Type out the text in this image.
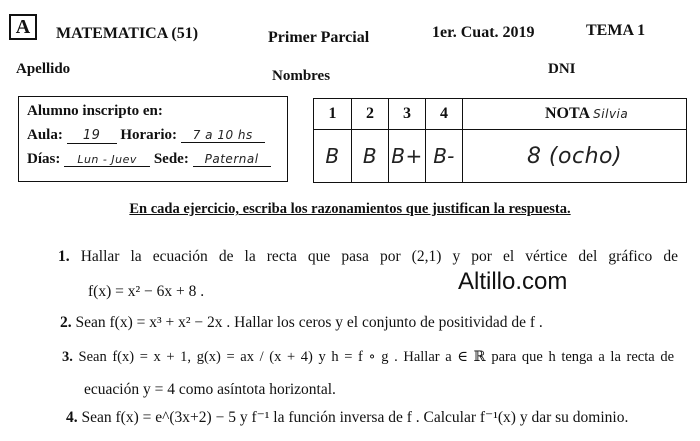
A	MATEMATICA (51)	Primer Parcial	1er. Cuat. 2019	TEMA 1
Apellido	Nombres	DNI
Alumno inscripto en:
Aula: 19 Horario: 7 a 10 hs
Días: Lun - Juev Sede: Paternal
1	2	3	4	NOTA Silvia
B	B	B+	B-	8 (ocho)
Altillo.com
En cada ejercicio, escriba los razonamientos que justifican la respuesta.
1. Hallar la ecuación de la recta que pasa por (2,1) y por el vértice del gráfico de
f(x) = x² − 6x + 8 .
2. Sean f(x) = x³ + x² − 2x . Hallar los ceros y el conjunto de positividad de f .
3. Sean f(x) = x + 1, g(x) = ax / (x + 4) y h = f ∘ g . Hallar a ∈ ℝ para que h tenga a la recta de
ecuación y = 4 como asíntota horizontal.
4. Sean f(x) = e^(3x+2) − 5 y f⁻¹ la función inversa de f . Calcular f⁻¹(x) y dar su dominio.
